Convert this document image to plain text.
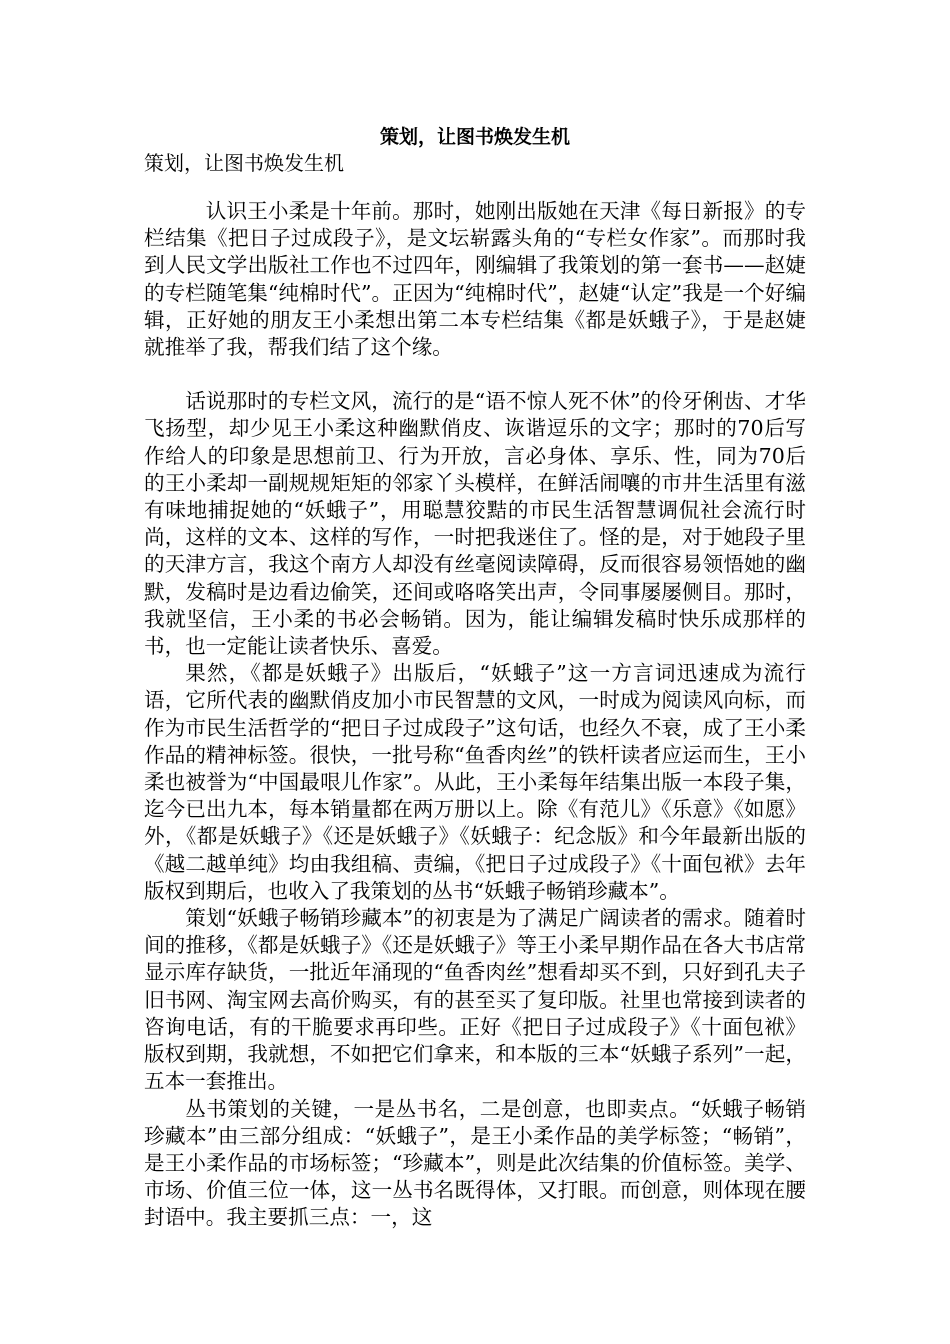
策划，让图书焕发生机
策划，让图书焕发生机

认识王小柔是十年前。那时，她刚出版她在天津《每日新报》的专栏结集《把日子过成段子》，是文坛崭露头角的“专栏女作家”。而那时我到人民文学出版社工作也不过四年，刚编辑了我策划的第一套书——赵婕的专栏随笔集“纯棉时代”。正因为“纯棉时代”，赵婕“认定”我是一个好编辑，正好她的朋友王小柔想出第二本专栏结集《都是妖蛾子》，于是赵婕就推举了我，帮我们结了这个缘。

话说那时的专栏文风，流行的是“语不惊人死不休”的伶牙俐齿、才华飞扬型，却少见王小柔这种幽默俏皮、诙谐逗乐的文字；那时的70后写作给人的印象是思想前卫、行为开放，言必身体、享乐、性，同为70后的王小柔却一副规规矩矩的邻家丫头模样，在鲜活闹嚷的市井生活里有滋有味地捕捉她的“妖蛾子”，用聪慧狡黠的市民生活智慧调侃社会流行时尚，这样的文本、这样的写作，一时把我迷住了。怪的是，对于她段子里的天津方言，我这个南方人却没有丝毫阅读障碍，反而很容易领悟她的幽默，发稿时是边看边偷笑，还间或咯咯笑出声，令同事屡屡侧目。那时，我就坚信，王小柔的书必会畅销。因为，能让编辑发稿时快乐成那样的书，也一定能让读者快乐、喜爱。

果然，《都是妖蛾子》出版后，“妖蛾子”这一方言词迅速成为流行语，它所代表的幽默俏皮加小市民智慧的文风，一时成为阅读风向标，而作为市民生活哲学的“把日子过成段子”这句话，也经久不衰，成了王小柔作品的精神标签。很快，一批号称“鱼香肉丝”的铁杆读者应运而生，王小柔也被誉为“中国最哏儿作家”。从此，王小柔每年结集出版一本段子集，迄今已出九本，每本销量都在两万册以上。除《有范儿》《乐意》《如愿》外，《都是妖蛾子》《还是妖蛾子》《妖蛾子：纪念版》和今年最新出版的《越二越单纯》均由我组稿、责编，《把日子过成段子》《十面包袱》去年版权到期后，也收入了我策划的丛书“妖蛾子畅销珍藏本”。

策划“妖蛾子畅销珍藏本”的初衷是为了满足广阔读者的需求。随着时间的推移，《都是妖蛾子》《还是妖蛾子》等王小柔早期作品在各大书店常显示库存缺货，一批近年涌现的“鱼香肉丝”想看却买不到，只好到孔夫子旧书网、淘宝网去高价购买，有的甚至买了复印版。社里也常接到读者的咨询电话，有的干脆要求再印些。正好《把日子过成段子》《十面包袱》版权到期，我就想，不如把它们拿来，和本版的三本“妖蛾子系列”一起，五本一套推出。

丛书策划的关键，一是丛书名，二是创意，也即卖点。“妖蛾子畅销珍藏本”由三部分组成：“妖蛾子”，是王小柔作品的美学标签；“畅销”，是王小柔作品的市场标签；“珍藏本”，则是此次结集的价值标签。美学、市场、价值三位一体，这一丛书名既得体，又打眼。而创意，则体现在腰封语中。我主要抓三点：一，这
